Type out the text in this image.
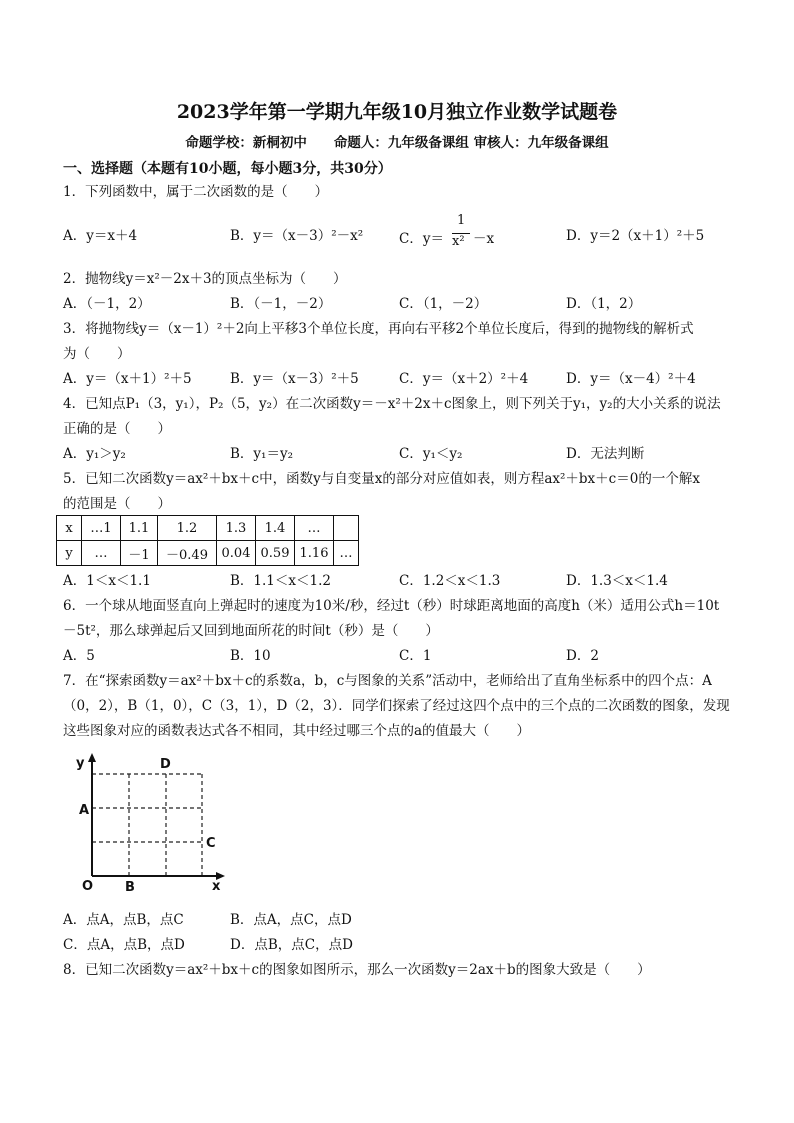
2023学年第一学期九年级10月独立作业数学试题卷
命题学校：新桐初中　　命题人：九年级备课组 审核人：九年级备课组
一、选择题（本题有10小题，每小题3分，共30分）
1．下列函数中，属于二次函数的是（　　）
A．y＝x＋4	B．y＝（x－3）²－x²	C．y＝
1
x² －x	D．y＝2（x＋1）²＋5
2．抛物线y＝x²－2x＋3的顶点坐标为（　　）
A．（－1，2）	B．（－1，－2）	C．（1，－2）	D．（1，2）
3．将抛物线y＝（x－1）²＋2向上平移3个单位长度，再向右平移2个单位长度后，得到的抛物线的解析式
为（　　）
A．y＝（x＋1）²＋5	B．y＝（x－3）²＋5	C．y＝（x＋2）²＋4	D．y＝（x－4）²＋4
4．已知点P₁（3，y₁），P₂（5，y₂）在二次函数y＝－x²＋2x＋c图象上，则下列关于y₁，y₂的大小关系的说法
正确的是（　　）
A．y₁＞y₂	B．y₁＝y₂	C．y₁＜y₂	D．无法判断
5．已知二次函数y＝ax²＋bx＋c中，函数y与自变量x的部分对应值如表，则方程ax²＋bx＋c＝0的一个解x
的范围是（　　）
x	…1	1.1	1.2	1.3	1.4	…	
y	…	－1	－0.49	0.04	0.59	1.16	…
A．1＜x＜1.1	B．1.1＜x＜1.2	C．1.2＜x＜1.3	D．1.3＜x＜1.4
6．一个球从地面竖直向上弹起时的速度为10米/秒，经过t（秒）时球距离地面的高度h（米）适用公式h＝10t
－5t²，那么球弹起后又回到地面所花的时间t（秒）是（　　）
A．5	B．10	C．1	D．2
7．在“探索函数y＝ax²＋bx＋c的系数a，b，c与图象的关系”活动中，老师给出了直角坐标系中的四个点：A
（0，2），B（1，0），C（3，1），D（2，3）．同学们探索了经过这四个点中的三个点的二次函数的图象，发现
这些图象对应的函数表达式各不相同，其中经过哪三个点的a的值最大（　　）
y
x
O
A
B
C
D
A．点A，点B，点C	B．点A，点C，点D
C．点A，点B，点D	D．点B，点C，点D
8．已知二次函数y＝ax²＋bx＋c的图象如图所示，那么一次函数y＝2ax＋b的图象大致是（　　）
